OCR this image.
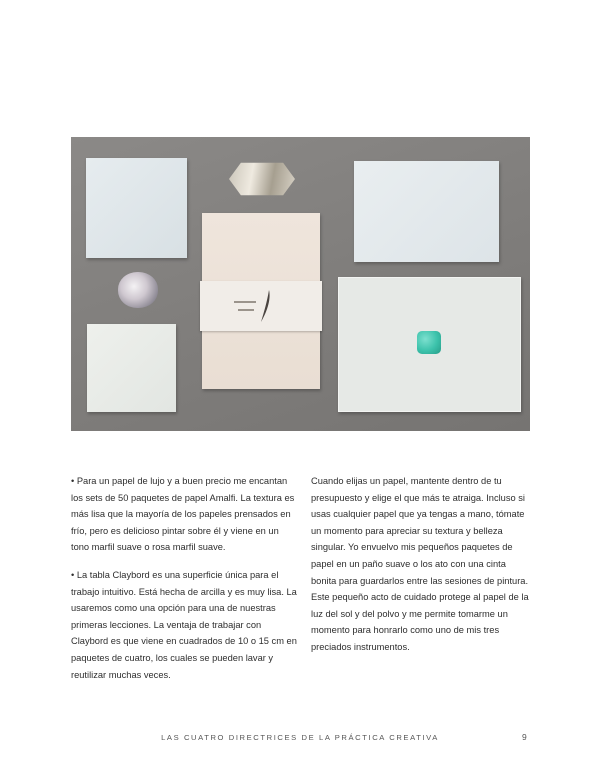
• Para un papel de lujo y a buen precio me encantan los sets de 50 paquetes de papel Amalfi. La textura es más lisa que la mayoría de los papeles prensados en frío, pero es delicioso pintar sobre él y viene en un tono marfil suave o rosa marfil suave.

• La tabla Claybord es una superficie única para el trabajo intuitivo. Está hecha de arcilla y es muy lisa. La usaremos como una opción para una de nuestras primeras lecciones. La ventaja de trabajar con Claybord es que viene en cuadrados de 10 o 15 cm en paquetes de cuatro, los cuales se pueden lavar y reutilizar muchas veces.

Cuando elijas un papel, mantente dentro de tu presupuesto y elige el que más te atraiga. Incluso si usas cualquier papel que ya tengas a mano, tómate un momento para apreciar su textura y belleza singular. Yo envuelvo mis pequeños paquetes de papel en un paño suave o los ato con una cinta bonita para guardarlos entre las sesiones de pintura. Este pequeño acto de cuidado protege al papel de la luz del sol y del polvo y me permite tomarme un momento para honrarlo como uno de mis tres preciados instrumentos.

LAS CUATRO DIRECTRICES DE LA PRÁCTICA CREATIVA	9
